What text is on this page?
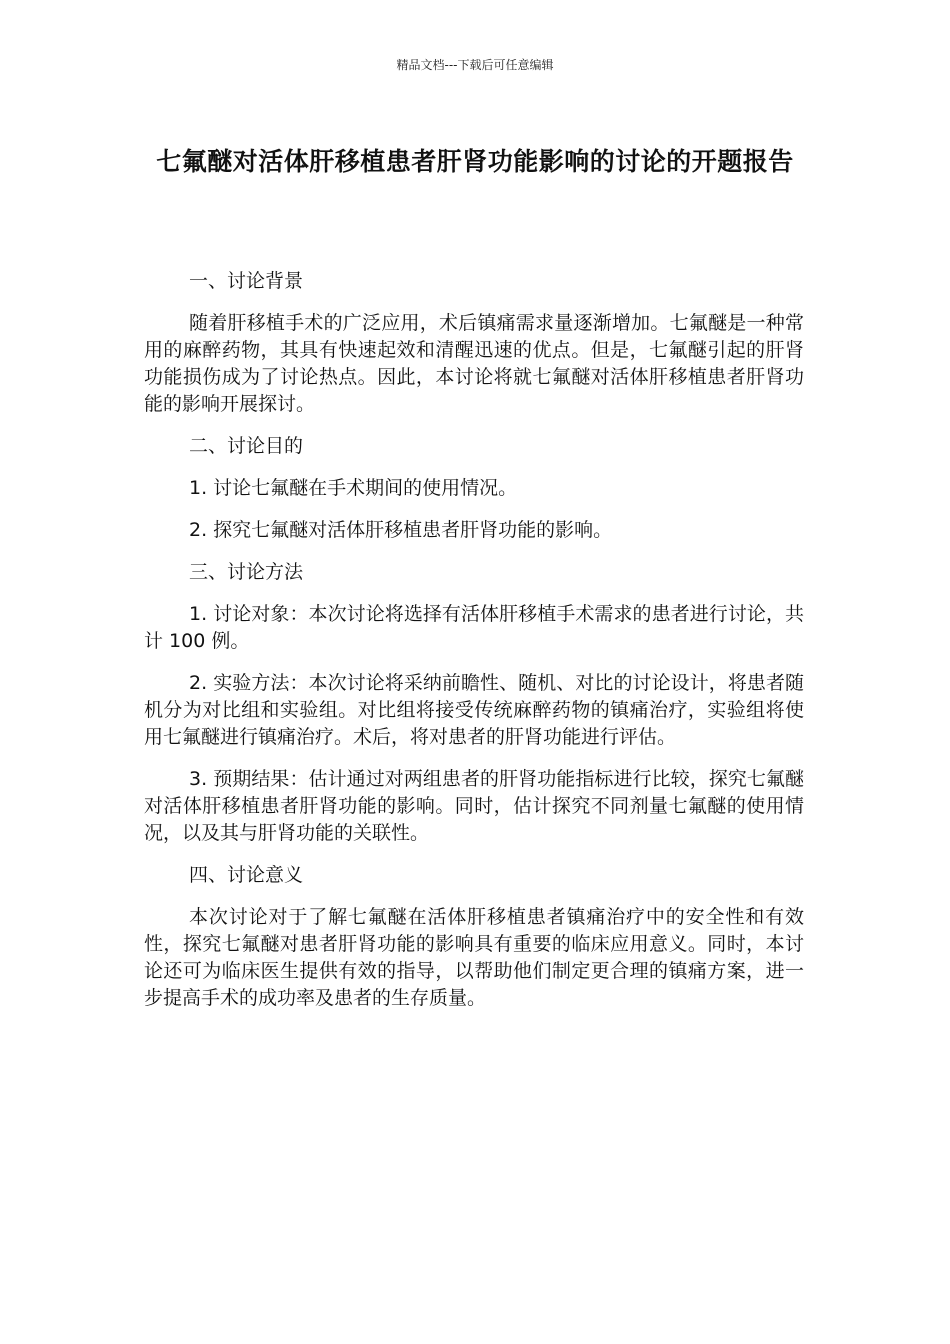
精品文档---下载后可任意编辑
七氟醚对活体肝移植患者肝肾功能影响的讨论的开题报告

一、讨论背景

随着肝移植手术的广泛应用，术后镇痛需求量逐渐增加。七氟醚是一种常用的麻醉药物，其具有快速起效和清醒迅速的优点。但是，七氟醚引起的肝肾功能损伤成为了讨论热点。因此，本讨论将就七氟醚对活体肝移植患者肝肾功能的影响开展探讨。

二、讨论目的

1. 讨论七氟醚在手术期间的使用情况。

2. 探究七氟醚对活体肝移植患者肝肾功能的影响。

三、讨论方法

1. 讨论对象：本次讨论将选择有活体肝移植手术需求的患者进行讨论，共计 100 例。

2. 实验方法：本次讨论将采纳前瞻性、随机、对比的讨论设计，将患者随机分为对比组和实验组。对比组将接受传统麻醉药物的镇痛治疗，实验组将使用七氟醚进行镇痛治疗。术后，将对患者的肝肾功能进行评估。

3. 预期结果：估计通过对两组患者的肝肾功能指标进行比较，探究七氟醚对活体肝移植患者肝肾功能的影响。同时，估计探究不同剂量七氟醚的使用情况，以及其与肝肾功能的关联性。

四、讨论意义

本次讨论对于了解七氟醚在活体肝移植患者镇痛治疗中的安全性和有效性，探究七氟醚对患者肝肾功能的影响具有重要的临床应用意义。同时，本讨论还可为临床医生提供有效的指导，以帮助他们制定更合理的镇痛方案，进一步提高手术的成功率及患者的生存质量。
